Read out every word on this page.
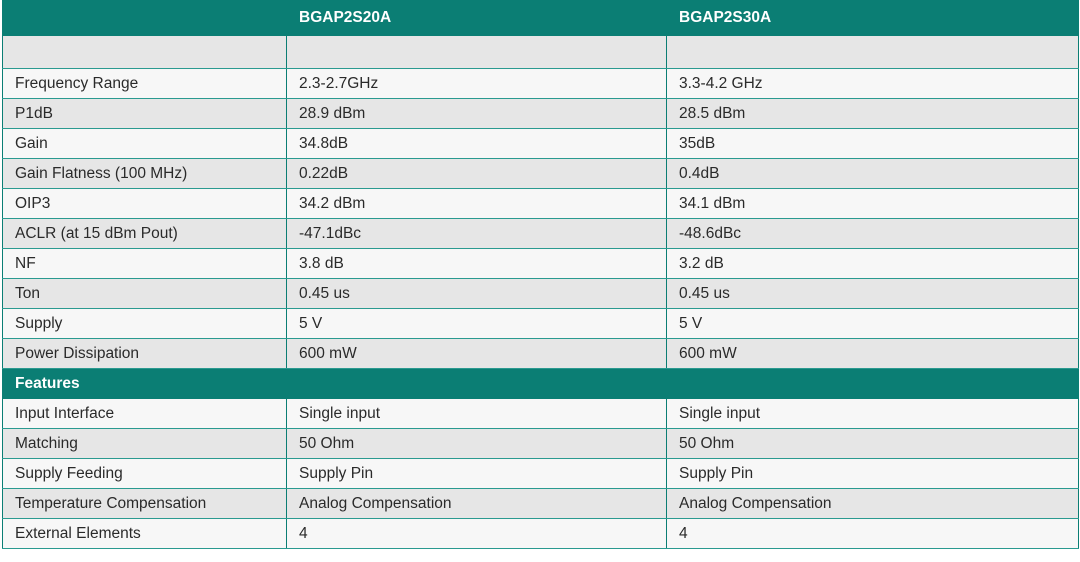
	BGAP2S20A	BGAP2S30A

Frequency Range	2.3-2.7GHz	3.3-4.2 GHz
P1dB	28.9 dBm	28.5 dBm
Gain	34.8dB	35dB
Gain Flatness (100 MHz)	0.22dB	0.4dB
OIP3	34.2 dBm	34.1 dBm
ACLR (at 15 dBm Pout)	-47.1dBc	-48.6dBc
NF	3.8 dB	3.2 dB
Ton	0.45 us	0.45 us
Supply	5 V	5 V
Power Dissipation	600 mW	600 mW
Features		
Input Interface	Single input	Single input
Matching	50 Ohm	50 Ohm
Supply Feeding	Supply Pin	Supply Pin
Temperature Compensation	Analog Compensation	Analog Compensation
External Elements	4	4
